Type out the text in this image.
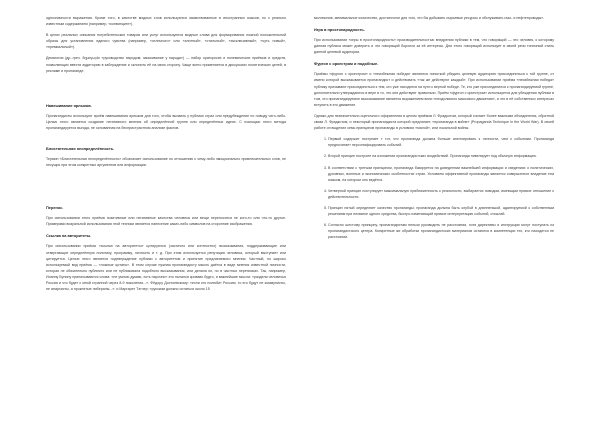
однозначности выражения. Кроме того, в качестве модных слов используются заимствованные в иностранных языков, но с реально известным содержанием (например, «конвинцинг»).

В целях реальных описания потребительских товаров или услуг используются модные слова для формирования ложной положительной образы для установления единого чувства (например, «отличного» или «элитный», «стильный», «эксклюзивный», «чуть новый», «премиальный»).

Демагогия (др.-греч. δημαγωγία «руководство народом; заискивание у народа») — набор ораторских и полемических приёмов и средств, позволяющих ввести аудиторию в заблуждение и склонить её на свою сторону. Чаще всего применяется в дискуссиях политических целей, в рекламе и пропаганде.

Навешивание ярлыков.

Пропагандисты используют приём навешивания ярлыков для того, чтобы вызвать у публики страх или предубеждение по поводу чего-либо. Целью этого является создание негативного мнения об определённой группе или определённых идеях. С помощью этого метода пропагандируется выгода, не основанная на беспристрастном анализе фактов.

Блистательная неопределённость.

Термин «Блистательная неопределённость» обозначает использование по отношению к чему-либо эмоционально привлекательных слов, не несущих при этом конкретных аргументов или информации.

Перенос.

При использовании этого приёма позитивные или негативные качества человека или вещи переносятся не кого-то или что-то другое. Примерами визуальной использования этой техники является нанесение каких-либо символов на сторонние изображения.

Ссылка на авторитеты.

При использовании приёма «ссылка на авторитеты» цитируются (частично или контекстно) высказывания, поддерживающие или отвергающие определённую политику, программу, личность и т. д. При этом используется репутация человека, который выступает или цитируется. Целью этого является подтверждение публики с авторитетом и принятие предлагаемого мнения. Частный, но широко используемый вид приёма — «ложные цитаты». В этом случае нужная пропагандисту мысль даётся в виде мнения известной личности, которая не обязательно публично или не публиковала подобного высказывания, или делала их, но в частных переписках. Так, например, Иоанну Бунину приписываются слова: «не умною думаю, хоть нарочно» это пытался кроваво будто, и важнейшие мысли: «раздели человечья Россия и что будет с мной странной через 8-9 поколения...». Фёдору Достоевскому: «если кто полюбит Россию, то его будут не коммунисты, не анархисты, а проклятые либералы...». и Маргарет Тэтчер: «русским должно остаться около 15

миллионов, минимальное количество, достаточное для того, что бы добывать сырьевые ресурсы и обслуживать газо- и нефтепроводы».

Игра в простонародность.

При использовании «игры в простонародность» производительностью внедрения публики в тем, что говорящий — это человек, к которому данная публика может доверять и что говорящий боролся за её интересы. Для этого говорящий использует в своей речи типичный стиль данной целевой аудитории.

Фургон с оркестром и подобные.

Приёмы «фургон с оркестром» и «неизбежная победа» являются попыткой убедить целевую аудиторию присоединиться к той группе, от имени которой высказывается пропагандист и действовать «так же действуют каждый». При использовании приёма «неизбежная победа» публику призывают присоединиться к тем, кто уже находится на пути к верной победе. Те, кто уже присоединился к пропагандируемой группе, дополнительно утверждаются в вере в то, что они действуют правильно. Приём «фургон с оркестром» используется для убеждения публики в том, что пропагандируемое высказывание является выражением воли «неодолимого массового движения», и что в её собственных интересах вступить в это движение.

Однако для незначительно оценочного оформления в целом приёмов Л. Фрадкотом, который считает более важными объединения, обратной связи Л. Фрадкотом, и некоторый пропагандиста которой предлагает, «пропаганда в войне» (Propaganda Technique In the World War). В своей работе он выделил семь принципов пропаганды в условиях «малой», или локальной войны:

1. Первый содержит поступает т тот, что пропаганда должна больше апеллировать к личности, чем к событиям. Пропаганда предпочитает персонифицировать событий.
2. Второй принцип построен на изложении пропагандистских воздействий. Пропаганда нивелирует под обычную информацию.
3. В соответствии с третьим принципом, пропаганда базируется на доведеннии важнейшей информации и сведениях о политических, духовных, военных и экономических особенностях стран. Условием эффективной пропаганды является совершенное владение тем языком, на котором оно ведётся.
4. Четвертый принцип постулирует максимальную приближенность к реальности, выбирается поводом, имеющим прямое отношение к действительности.
5. Принцип пятый определяет качество пропаганды: пропаганда должна быть клубой в длинненькой, адаптируемой к собственным решениям при нехватке одного средства, быстро изменяющий прямое интерпретацию событий, отсылай.
6. Согласно шестому принципу, пропагандистам нельзя руководить не расстоянии, хотя директивы и инструкции могут поступать из пропагандистского центра. Конкретные же обработки пропагандистских материалов остаются в компетенции тех, кто находится не расстоянии.
